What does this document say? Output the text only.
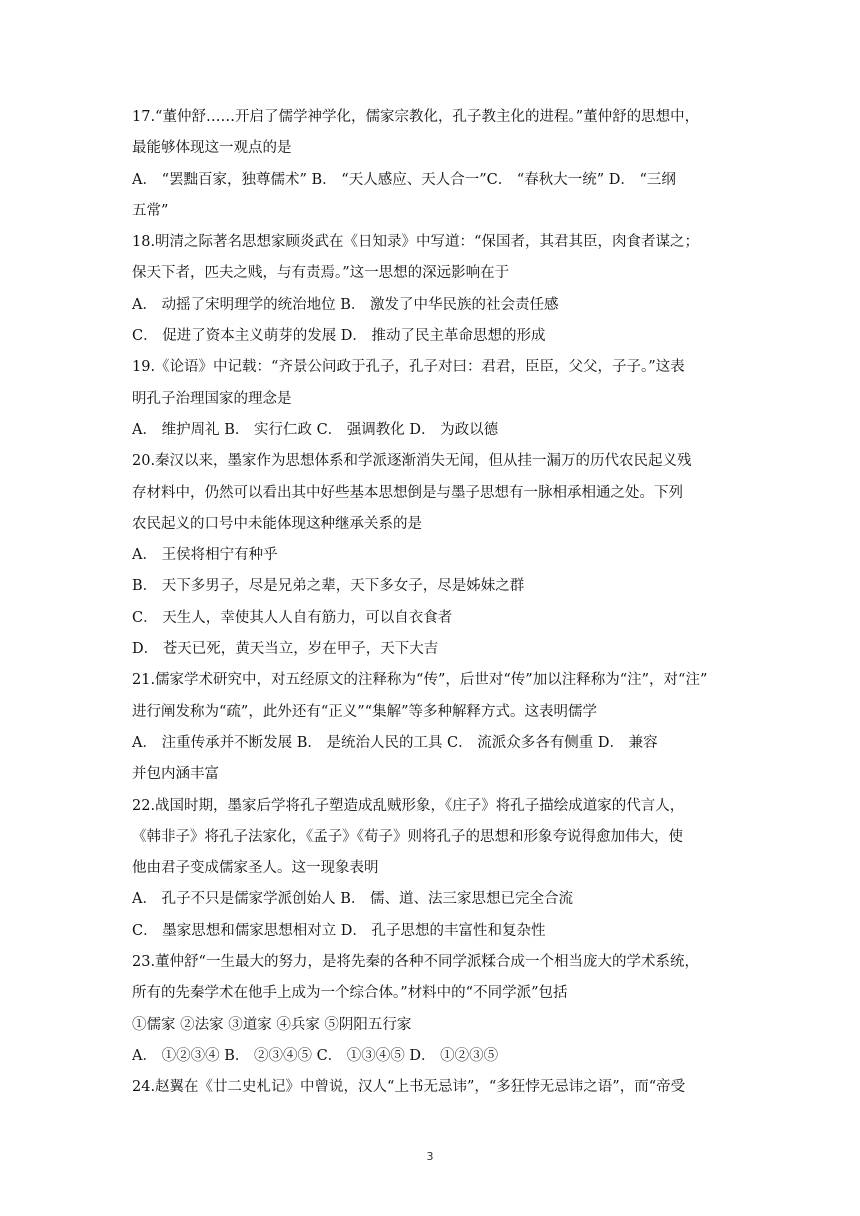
17.“董仲舒……开启了儒学神学化，儒家宗教化，孔子教主化的进程。”董仲舒的思想中，
最能够体现这一观点的是
A． “罢黜百家，独尊儒术” B． “天人感应、天人合一”C． “春秋大一统” D． “三纲
五常”
18.明清之际著名思想家顾炎武在《日知录》中写道：“保国者，其君其臣，肉食者谋之；
保天下者，匹夫之贱，与有责焉。”这一思想的深远影响在于
A． 动摇了宋明理学的统治地位 B． 激发了中华民族的社会责任感
C． 促进了资本主义萌芽的发展 D． 推动了民主革命思想的形成
19.《论语》中记载：“齐景公问政于孔子，孔子对曰：君君，臣臣，父父，子子。”这表
明孔子治理国家的理念是
A． 维护周礼 B． 实行仁政 C． 强调教化 D． 为政以德
20.秦汉以来，墨家作为思想体系和学派逐渐消失无闻，但从挂一漏万的历代农民起义残
存材料中，仍然可以看出其中好些基本思想倒是与墨子思想有一脉相承相通之处。下列
农民起义的口号中未能体现这种继承关系的是
A． 王侯将相宁有种乎
B． 天下多男子，尽是兄弟之辈，天下多女子，尽是姊妹之群
C． 天生人，幸使其人人自有筋力，可以自衣食者
D． 苍天已死，黄天当立，岁在甲子，天下大吉
21.儒家学术研究中，对五经原文的注释称为“传”，后世对“传”加以注释称为“注”，对“注”
进行阐发称为“疏”，此外还有“正义”“集解”等多种解释方式。这表明儒学
A． 注重传承并不断发展 B． 是统治人民的工具 C． 流派众多各有侧重 D． 兼容
并包内涵丰富
22.战国时期，墨家后学将孔子塑造成乱贼形象，《庄子》将孔子描绘成道家的代言人，
《韩非子》将孔子法家化，《孟子》《荀子》则将孔子的思想和形象夸说得愈加伟大，使
他由君子变成儒家圣人。这一现象表明
A． 孔子不只是儒家学派创始人 B． 儒、道、法三家思想已完全合流
C． 墨家思想和儒家思想相对立 D． 孔子思想的丰富性和复杂性
23.董仲舒“一生最大的努力，是将先秦的各种不同学派糅合成一个相当庞大的学术系统，
所有的先秦学术在他手上成为一个综合体。”材料中的“不同学派”包括
①儒家 ②法家 ③道家 ④兵家 ⑤阴阳五行家
A． ①②③④ B． ②③④⑤ C． ①③④⑤ D． ①②③⑤
24.赵翼在《廿二史札记》中曾说，汉人“上书无忌讳”，“多狂悖无忌讳之语”，而“帝受
3
